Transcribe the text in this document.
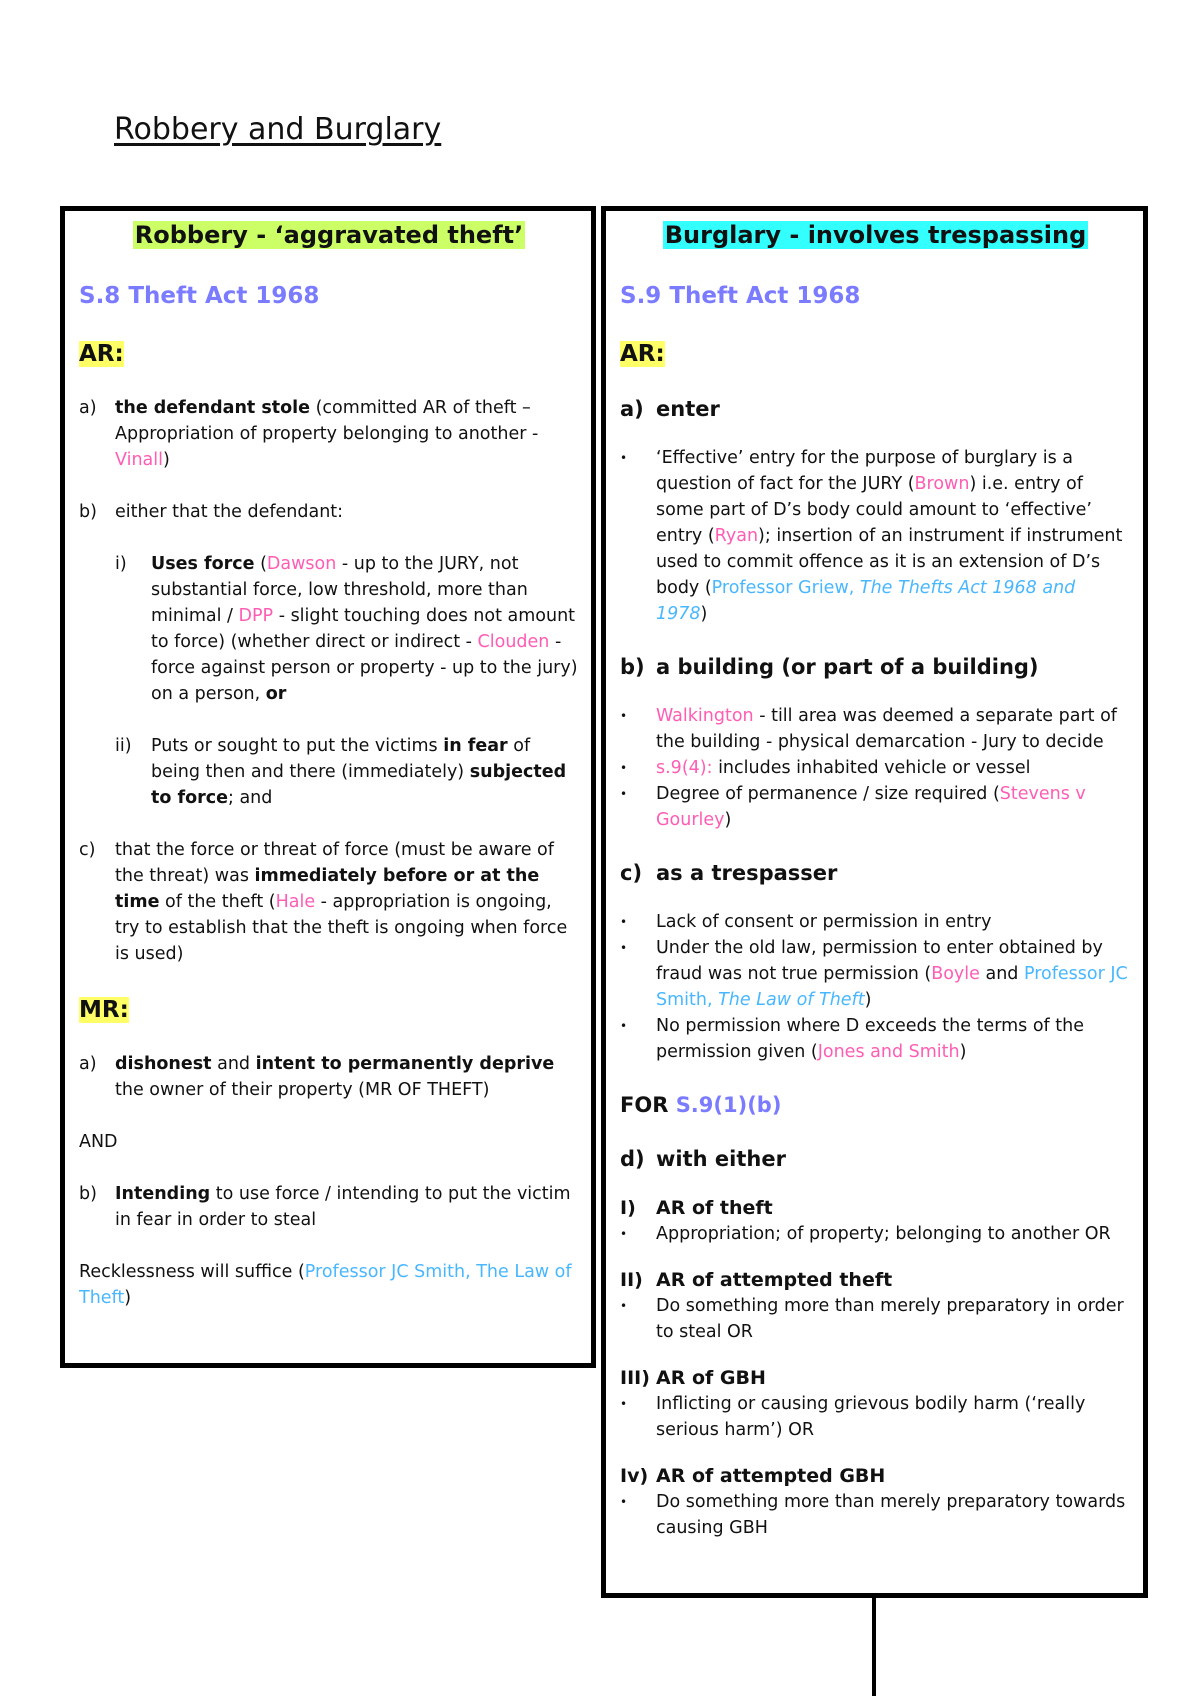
Robbery and Burglary

Robbery - ‘aggravated theft’

S.8 Theft Act 1968

AR:

a)	the defendant stole (committed AR of theft – Appropriation of property belonging to another - Vinall)
b)	either that the defendant:
i)	Uses force (Dawson - up to the JURY, not substantial force, low threshold, more than minimal / DPP - slight touching does not amount to force) (whether direct or indirect - Clouden - force against person or property - up to the jury) on a person, or
ii)	Puts or sought to put the victims in fear of being then and there (immediately) subjected to force; and
c)	that the force or threat of force (must be aware of the threat) was immediately before or at the time of the theft (Hale - appropriation is ongoing, try to establish that the theft is ongoing when force is used)

MR:

a)	dishonest and intent to permanently deprive the owner of their property (MR OF THEFT)

AND

b)	Intending to use force / intending to put the victim in fear in order to steal

Recklessness will suffice (Professor JC Smith, The Law of Theft)

Burglary - involves trespassing

S.9 Theft Act 1968

AR:

a) enter
•	‘Effective’ entry for the purpose of burglary is a question of fact for the JURY (Brown) i.e. entry of some part of D’s body could amount to ‘effective’ entry (Ryan); insertion of an instrument if instrument used to commit offence as it is an extension of D’s body (Professor Griew, The Thefts Act 1968 and 1978)
b) a building (or part of a building)
•	Walkington - till area was deemed a separate part of the building - physical demarcation - Jury to decide
•	s.9(4): includes inhabited vehicle or vessel
•	Degree of permanence / size required (Stevens v Gourley)
c) as a trespasser
•	Lack of consent or permission in entry
•	Under the old law, permission to enter obtained by fraud was not true permission (Boyle and Professor JC Smith, The Law of Theft)
•	No permission where D exceeds the terms of the permission given (Jones and Smith)

FOR S.9(1)(b)

d) with either
I)	AR of theft
•	Appropriation; of property; belonging to another OR
II) AR of attempted theft
•	Do something more than merely preparatory in order to steal OR
III) AR of GBH
•	Inflicting or causing grievous bodily harm (‘really serious harm’) OR
Iv) AR of attempted GBH
•	Do something more than merely preparatory towards causing GBH
